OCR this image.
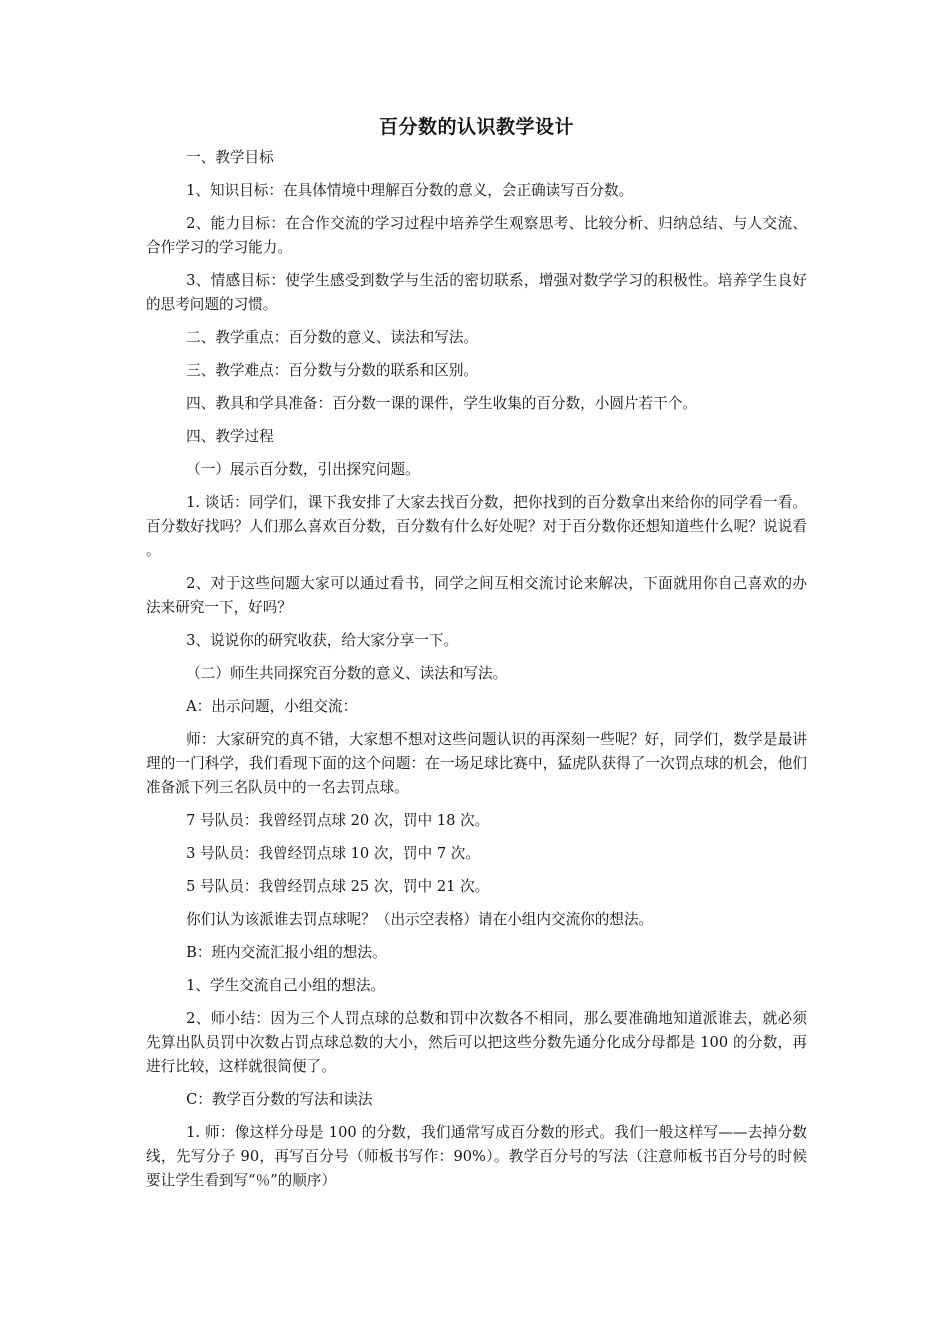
百分数的认识教学设计

一、教学目标

1、知识目标：在具体情境中理解百分数的意义，会正确读写百分数。

2、能力目标：在合作交流的学习过程中培养学生观察思考、比较分析、归纳总结、与人交流、合作学习的学习能力。

3、情感目标：使学生感受到数学与生活的密切联系，增强对数学学习的积极性。培养学生良好的思考问题的习惯。

二、教学重点：百分数的意义、读法和写法。

三、教学难点：百分数与分数的联系和区别。

四、教具和学具准备：百分数一课的课件，学生收集的百分数，小圆片若干个。

四、教学过程

（一）展示百分数，引出探究问题。

1. 谈话：同学们，课下我安排了大家去找百分数，把你找到的百分数拿出来给你的同学看一看。百分数好找吗？人们那么喜欢百分数，百分数有什么好处呢？对于百分数你还想知道些什么呢？说说看 。

2、对于这些问题大家可以通过看书，同学之间互相交流讨论来解决，下面就用你自己喜欢的办法来研究一下，好吗？

3、说说你的研究收获，给大家分享一下。

（二）师生共同探究百分数的意义、读法和写法。

A：出示问题，小组交流：

师：大家研究的真不错，大家想不想对这些问题认识的再深刻一些呢？好，同学们，数学是最讲理的一门科学，我们看现下面的这个问题：在一场足球比赛中，猛虎队获得了一次罚点球的机会，他们准备派下列三名队员中的一名去罚点球。

7 号队员：我曾经罚点球 20 次，罚中 18 次。

3 号队员：我曾经罚点球 10 次，罚中 7 次。

5 号队员：我曾经罚点球 25 次，罚中 21 次。

你们认为该派谁去罚点球呢？（出示空表格）请在小组内交流你的想法。

B：班内交流汇报小组的想法。

1、学生交流自己小组的想法。

2、师小结：因为三个人罚点球的总数和罚中次数各不相同，那么要准确地知道派谁去，就必须先算出队员罚中次数占罚点球总数的大小，然后可以把这些分数先通分化成分母都是 100 的分数，再进行比较，这样就很简便了。

C：教学百分数的写法和读法

1. 师：像这样分母是 100 的分数，我们通常写成百分数的形式。我们一般这样写——去掉分数线，先写分子 90，再写百分号（师板书写作：90%）。教学百分号的写法（注意师板书百分号的时候要让学生看到写“％”的顺序）
